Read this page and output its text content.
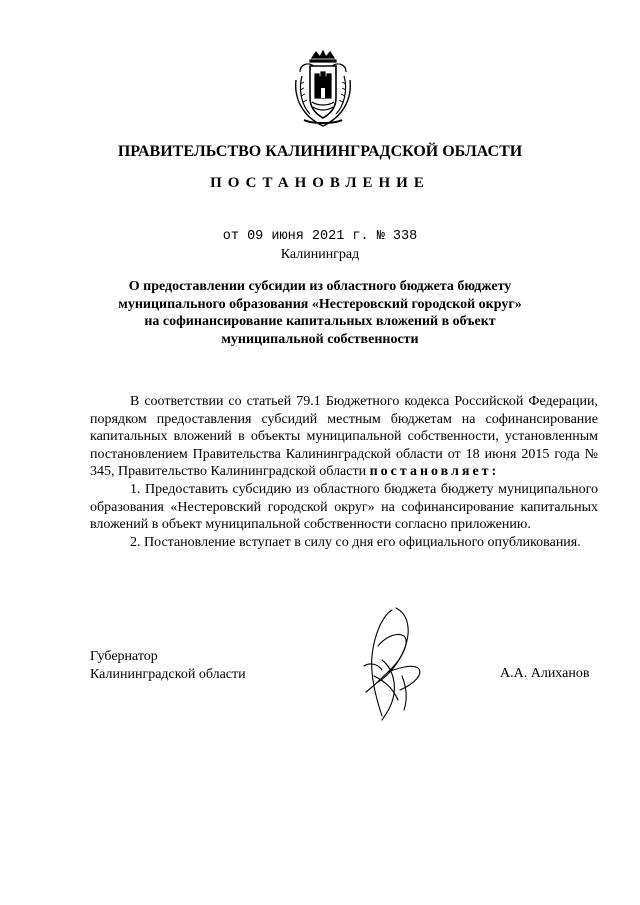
ПРАВИТЕЛЬСТВО КАЛИНИНГРАДСКОЙ ОБЛАСТИ
ПОСТАНОВЛЕНИЕ
от 09 июня 2021 г. № 338
Калининград
О предоставлении субсидии из областного бюджета бюджету
муниципального образования «Нестеровский городской округ»
на софинансирование капитальных вложений в объект
муниципальной собственности

В соответствии со статьей 79.1 Бюджетного кодекса Российской Федерации, порядком предоставления субсидий местным бюджетам на софинансирование капитальных вложений в объекты муниципальной собственности, установленным постановлением Правительства Калининградской области от 18 июня 2015 года № 345, Правительство Калининградской области постановляет:

1. Предоставить субсидию из областного бюджета бюджету муниципального образования «Нестеровский городской округ» на софинансирование капитальных вложений в объект муниципальной собственности согласно приложению.

2. Постановление вступает в силу со дня его официального опубликования.

Губернатор
Калининградской области	А.А. Алиханов
